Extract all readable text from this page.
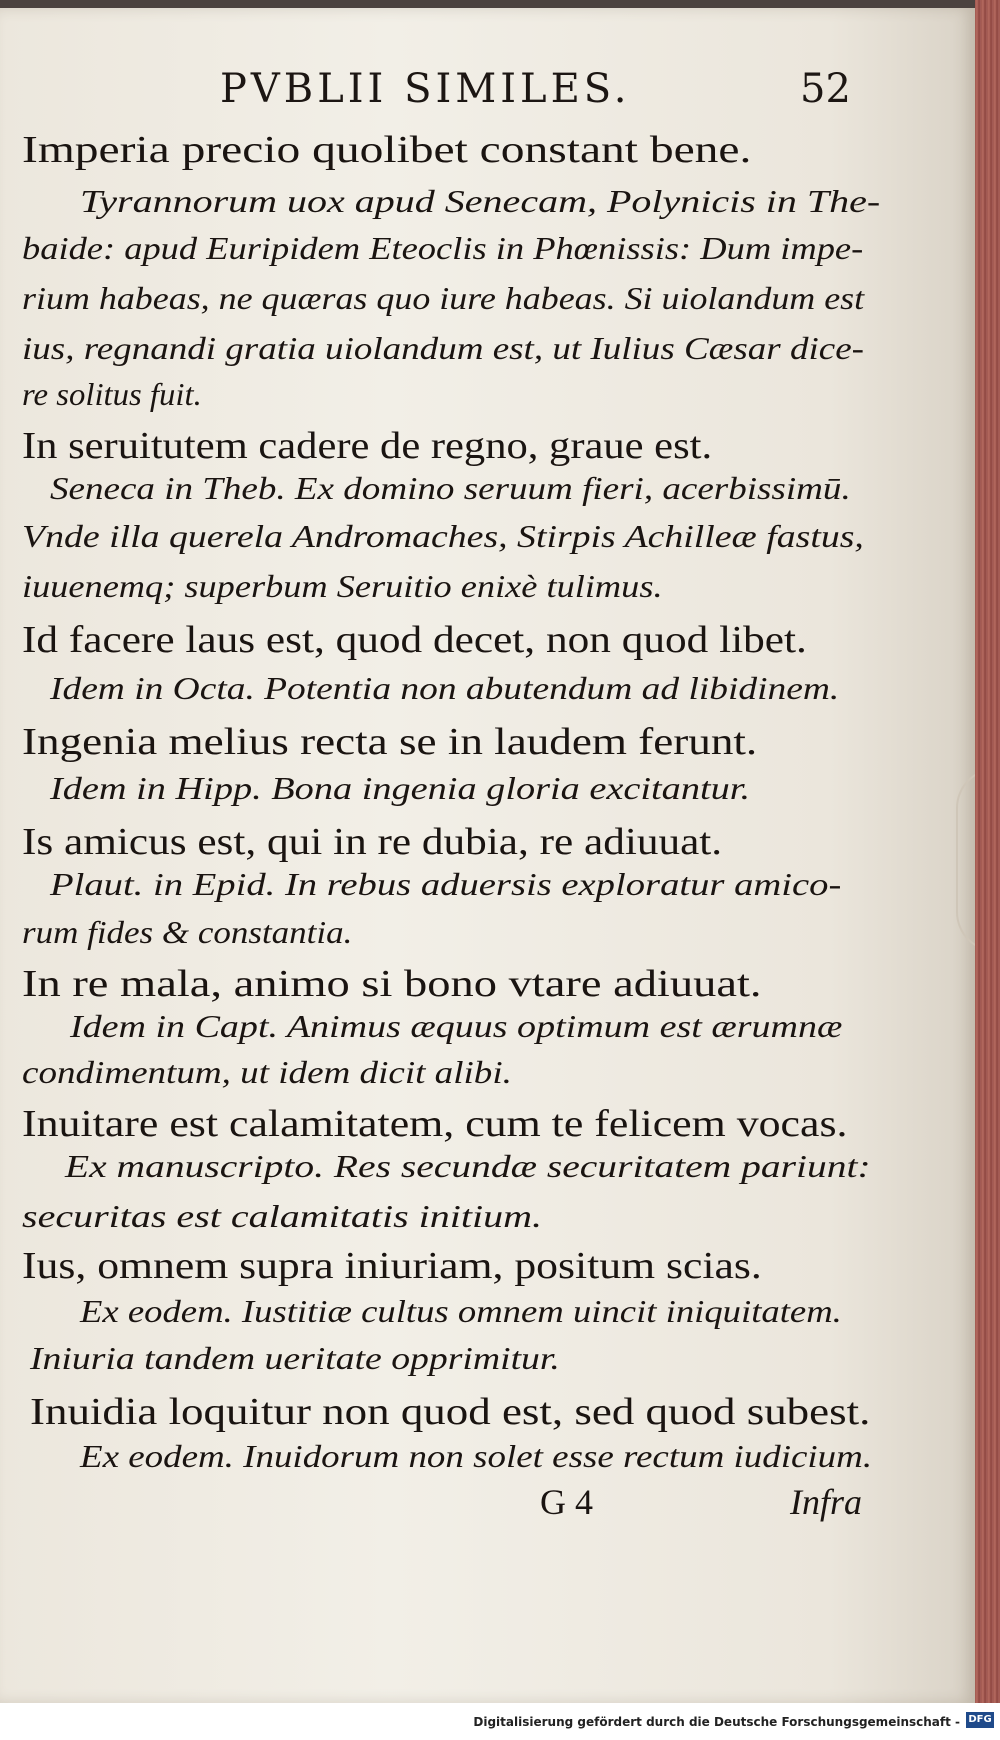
PVBLII SIMILES.	52
Imperia precio quolibet constant bene.
Tyrannorum uox apud Senecam, Polynicis in The-
baide: apud Euripidem Eteoclis in Phœnissis: Dum impe-
rium habeas, ne quæras quo iure habeas. Si uiolandum est
ius, regnandi gratia uiolandum est, ut Iulius Cæsar dice-
re solitus fuit.
In seruitutem cadere de regno, graue est.
Seneca in Theb. Ex domino seruum fieri, acerbissimū.
Vnde illa querela Andromaches, Stirpis Achilleæ fastus,
iuuenemq; superbum Seruitio enixè tulimus.
Id facere laus est, quod decet, non quod libet.
Idem in Octa. Potentia non abutendum ad libidinem.
Ingenia melius recta se in laudem ferunt.
Idem in Hipp. Bona ingenia gloria excitantur.
Is amicus est, qui in re dubia, re adiuuat.
Plaut. in Epid. In rebus aduersis exploratur amico-
rum fides & constantia.
In re mala, animo si bono vtare adiuuat.
Idem in Capt. Animus æquus optimum est ærumnæ
condimentum, ut idem dicit alibi.
Inuitare est calamitatem, cum te felicem vocas.
Ex manuscripto. Res secundæ securitatem pariunt:
securitas est calamitatis initium.
Ius, omnem supra iniuriam, positum scias.
Ex eodem. Iustitiæ cultus omnem uincit iniquitatem.
Iniuria tandem ueritate opprimitur.
Inuidia loquitur non quod est, sed quod subest.
Ex eodem. Inuidorum non solet esse rectum iudicium.
G 4	Infra
Digitalisierung gefördert durch die Deutsche Forschungsgemeinschaft - DFG
